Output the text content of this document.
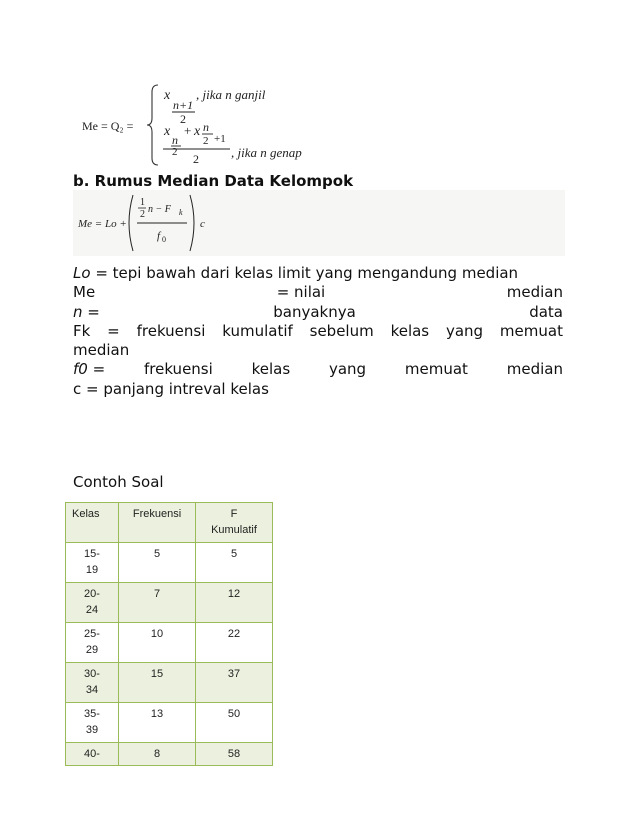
Me = Q₂ =
x
n+1
2
, jika n ganjil
x
n
2
+ x n
2 +1
2 , jika n genap
b. Rumus Median Data Kelompok
Me = Lo +
1
2 n − F k
f 0
c
Lo = tepi bawah dari kelas limit yang mengandung median
Me	= nilai	median
n =	banyaknya	data
Fk = frekuensi kumulatif sebelum kelas yang memuat
median
f0 =	frekuensi	kelas	yang	memuat	median
c = panjang intreval kelas
Contoh Soal
Kelas	Frekuensi	F
Kumulatif

15-
19	5	5

20-
24	7	12

25-
29	10	22

30-
34	15	37

35-
39	13	50

40-	8	58
